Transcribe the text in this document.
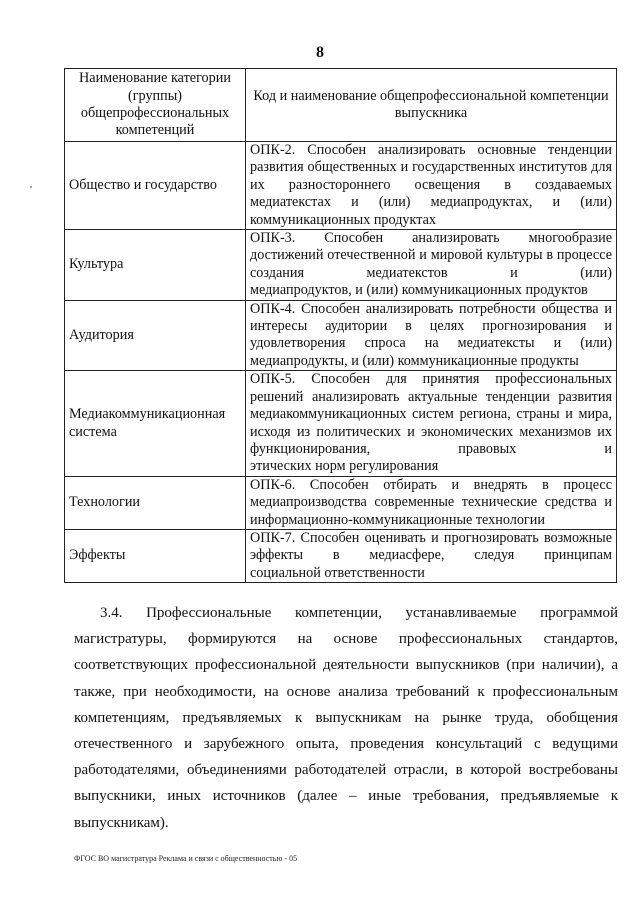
8
Наименование категории (группы) общепрофессиональных компетенций	Код и наименование общепрофессиональной компетенции выпускника
Общество и государство	ОПК-2. Способен анализировать основные тенденции развития общественных и государственных институтов для их разностороннего освещения в создаваемых медиатекстах и (или) медиапродуктах, и (или)
коммуникационных продуктах

Культура	ОПК-3. Способен анализировать многообразие достижений отечественной и мировой культуры в процессе создания медиатекстов и (или)
медиапродуктов, и (или) коммуникационных продуктов

Аудитория	ОПК-4. Способен анализировать потребности общества и интересы аудитории в целях прогнозирования и удовлетворения спроса на медиатексты и (или)
медиапродукты, и (или) коммуникационные продукты

Медиакоммуникационная система	ОПК-5. Способен для принятия профессиональных решений анализировать актуальные тенденции развития медиакоммуникационных систем региона, страны и мира, исходя из политических и экономических механизмов их функционирования, правовых и
этических норм регулирования

Технологии	ОПК-6. Способен отбирать и внедрять в процесс медиапроизводства современные технические средства и
информационно-коммуникационные технологии

Эффекты	ОПК-7. Способен оценивать и прогнозировать возможные эффекты в медиасфере, следуя принципам
социальной ответственности

3.4. Профессиональные компетенции, устанавливаемые программой магистратуры, формируются на основе профессиональных стандартов, соответствующих профессиональной деятельности выпускников (при наличии), а также, при необходимости, на основе анализа требований к профессиональным компетенциям, предъявляемых к выпускникам на рынке труда, обобщения отечественного и зарубежного опыта, проведения консультаций с ведущими работодателями, объединениями работодателей отрасли, в которой востребованы выпускники, иных источников (далее – иные требования, предъявляемые к выпускникам).

ФГОС ВО магистратура Реклама и связи с общественностью - 05
